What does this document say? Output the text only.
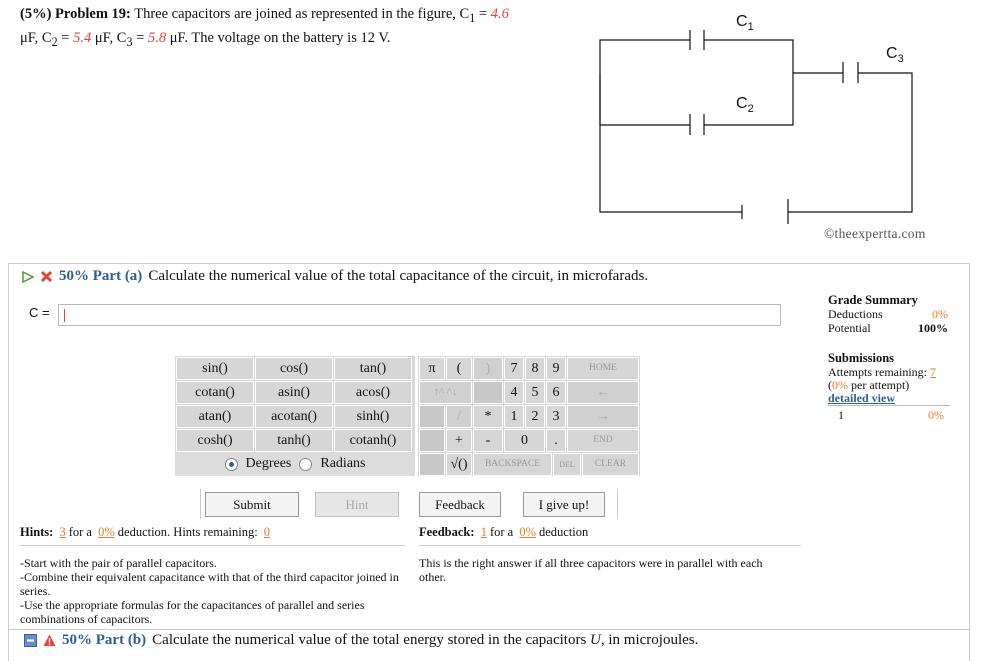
(5%) Problem 19: Three capacitors are joined as represented in the figure, $C_1 = 4.6$
μF, $C_2 = 5.4$ μF, $C_3 = 5.8$ μF. The voltage on the battery is 12 V.
$C_1$
$C_2$
$C_3$
©theexpertta.com
50% Part (a) Calculate the numerical value of the total capacitance of the circuit, in microfarads.
C =
Grade Summary
Deductions	0%
Potential	100%
Submissions
Attempts remaining: 7
(0% per attempt)
detailed view
1	0%
sin()	cos()	tan()
cotan()	asin()	acos()
atan()	acotan()	sinh()
cosh()	tanh()	cotanh()
Degrees Radians
π	(	)	7	8	9	HOME
↑^ ^↓	4	5	6	←
/	*	1	2	3	→
+	-	0	.	END
√()	BACKSPACE	DEL	CLEAR
Submit	Hint	Feedback	I give up!
Hints: 3 for a 0% deduction. Hints remaining: 0	Feedback: 1 for a 0% deduction
-Start with the pair of parallel capacitors.
-Combine their equivalent capacitance with that of the third capacitor joined in series.
-Use the appropriate formulas for the capacitances of parallel and series combinations of capacitors.
This is the right answer if all three capacitors were in parallel with each other.
50% Part (b) Calculate the numerical value of the total energy stored in the capacitors U, in microjoules.
